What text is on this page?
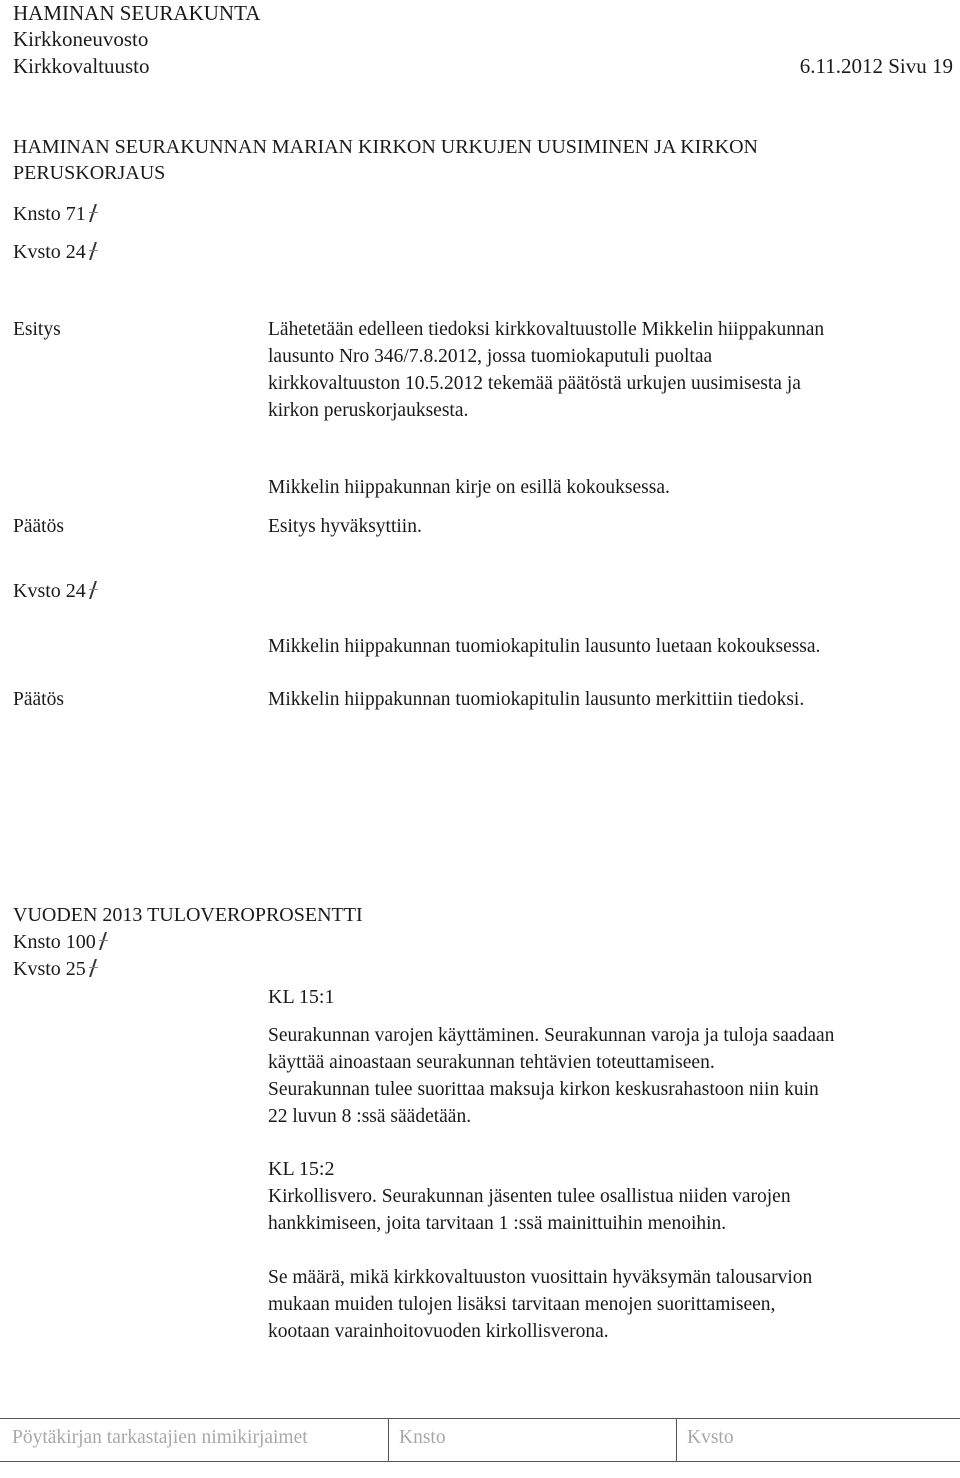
HAMINAN SEURAKUNTA
Kirkkoneuvosto
Kirkkovaltuusto	6.11.2012 Sivu 19
HAMINAN SEURAKUNNAN MARIAN KIRKON URKUJEN UUSIMINEN JA KIRKON
PERUSKORJAUS
Knsto 71
Kvsto 24
Esitys	Lähetetään edelleen tiedoksi kirkkovaltuustolle Mikkelin hiippakunnan
lausunto Nro 346/7.8.2012, jossa tuomiokaputuli puoltaa
kirkkovaltuuston 10.5.2012 tekemää päätöstä urkujen uusimisesta ja
kirkon peruskorjauksesta.
Mikkelin hiippakunnan kirje on esillä kokouksessa.
Päätös	Esitys hyväksyttiin.
Kvsto 24
Mikkelin hiippakunnan tuomiokapitulin lausunto luetaan kokouksessa.
Päätös	Mikkelin hiippakunnan tuomiokapitulin lausunto merkittiin tiedoksi.
VUODEN 2013 TULOVEROPROSENTTI
Knsto 100
Kvsto 25
KL 15:1
Seurakunnan varojen käyttäminen. Seurakunnan varoja ja tuloja saadaan
käyttää ainoastaan seurakunnan tehtävien toteuttamiseen.
Seurakunnan tulee suorittaa maksuja kirkon keskusrahastoon niin kuin
22 luvun 8 :ssä säädetään.
KL 15:2
Kirkollisvero. Seurakunnan jäsenten tulee osallistua niiden varojen
hankkimiseen, joita tarvitaan 1 :ssä mainittuihin menoihin.
Se määrä, mikä kirkkovaltuuston vuosittain hyväksymän talousarvion
mukaan muiden tulojen lisäksi tarvitaan menojen suorittamiseen,
kootaan varainhoitovuoden kirkollisverona.
Pöytäkirjan tarkastajien nimikirjaimet	Knsto	Kvsto
